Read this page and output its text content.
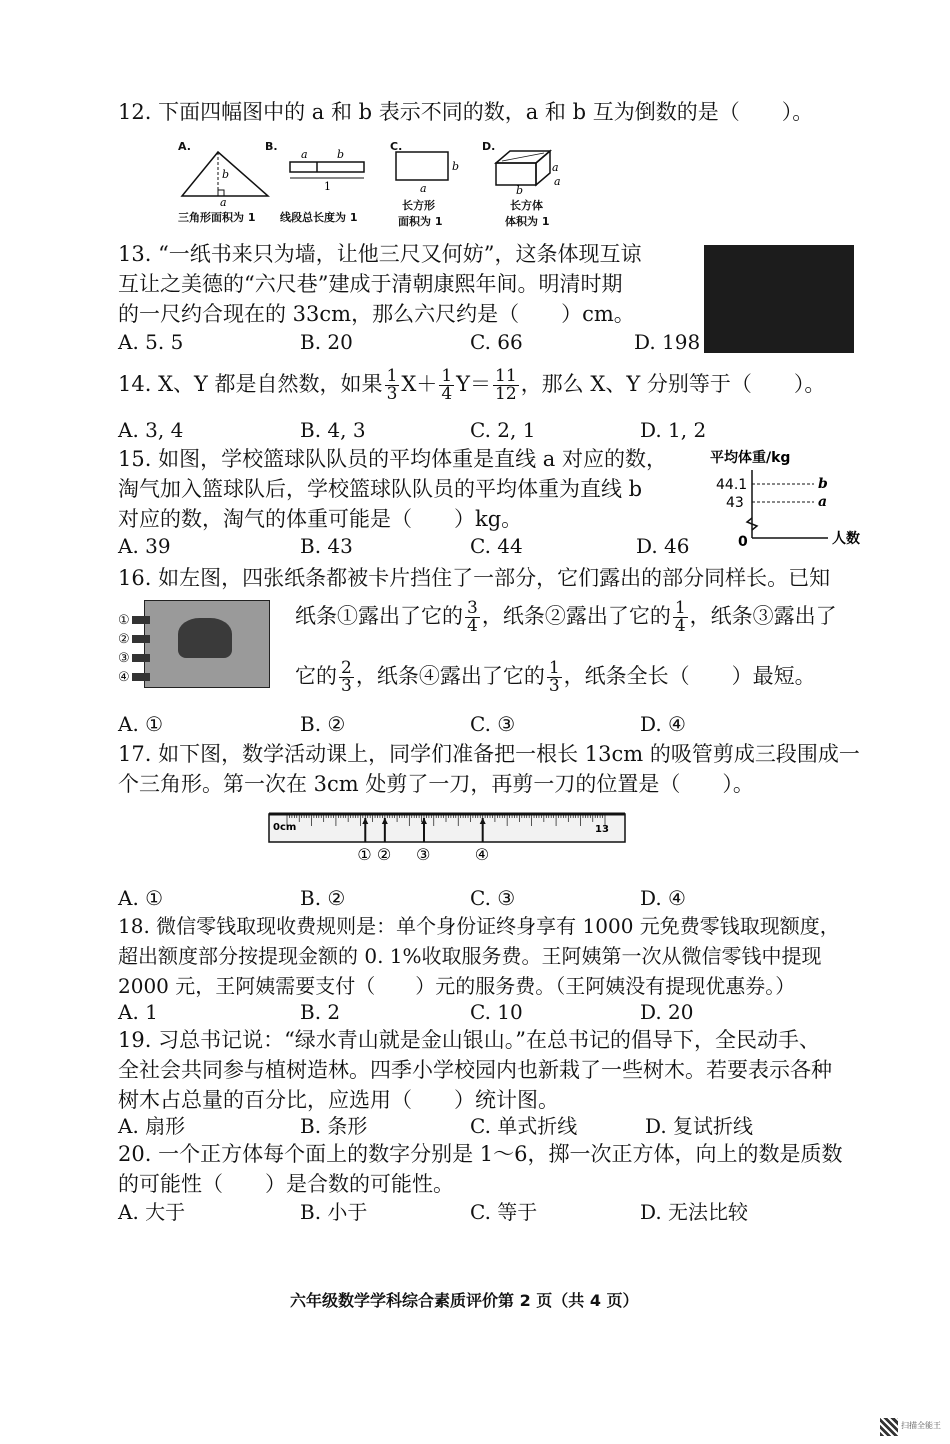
12. 下面四幅图中的 a 和 b 表示不同的数，a 和 b 互为倒数的是（　　）。
A.	B.	C.	D.
b
a
a	b
1
b
a
a
a
b
三角形面积为 1 线段总长度为 1
长方形
面积为 1
长方体
体积为 1
13. “一纸书来只为墙，让他三尺又何妨”，这条体现互谅
互让之美德的“六尺巷”建成于清朝康熙年间。明清时期
的一尺约合现在的 33cm，那么六尺约是（　　）cm。
A. 5. 5	B. 20	C. 66	D. 198
14. X、Y 都是自然数，如果 $\frac{1}{3} X+ \frac{1}{4} Y= \frac{11}{12}$ ，那么 X、Y 分别等于（　　）。
A. 3, 4	B. 4, 3	C. 2, 1	D. 1, 2
15. 如图，学校篮球队队员的平均体重是直线 a 对应的数，
淘气加入篮球队后，学校篮球队队员的平均体重为直线 b
对应的数，淘气的体重可能是（　　）kg。
平均体重/kg
44.1
43
b
a
0	人数
A. 39	B. 43	C. 44	D. 46
16. 如左图，四张纸条都被卡片挡住了一部分，它们露出的部分同样长。已知
①
②
③
④
纸条①露出了它的 $\frac{3}{4}$ ，纸条②露出了它的 $\frac{1}{4}$ ，纸条③露出了
它的 $\frac{2}{3}$ ，纸条④露出了它的 $\frac{1}{3}$ ，纸条全长（　　）最短。
A. ①	B. ②	C. ③	D. ④
17. 如下图，数学活动课上，同学们准备把一根长 13cm 的吸管剪成三段围成一
个三角形。第一次在 3cm 处剪了一刀，再剪一刀的位置是（　　）。
0cm	13
① ② ③	④
A. ①	B. ②	C. ③	D. ④
18. 微信零钱取现收费规则是：单个身份证终身享有 1000 元免费零钱取现额度，
超出额度部分按提现金额的 0. 1%收取服务费。王阿姨第一次从微信零钱中提现
2000 元，王阿姨需要支付（　　）元的服务费。（王阿姨没有提现优惠券。）
A. 1	B. 2	C. 10	D. 20
19. 习总书记说：“绿水青山就是金山银山。”在总书记的倡导下，全民动手、
全社会共同参与植树造林。四季小学校园内也新栽了一些树木。若要表示各种
树木占总量的百分比，应选用（　　）统计图。
A. 扇形	B. 条形	C. 单式折线	D. 复试折线
20. 一个正方体每个面上的数字分别是 1～6，掷一次正方体，向上的数是质数
的可能性（　　）是合数的可能性。
A. 大于	B. 小于	C. 等于	D. 无法比较
六年级数学学科综合素质评价第 2 页（共 4 页）
扫描全能王
